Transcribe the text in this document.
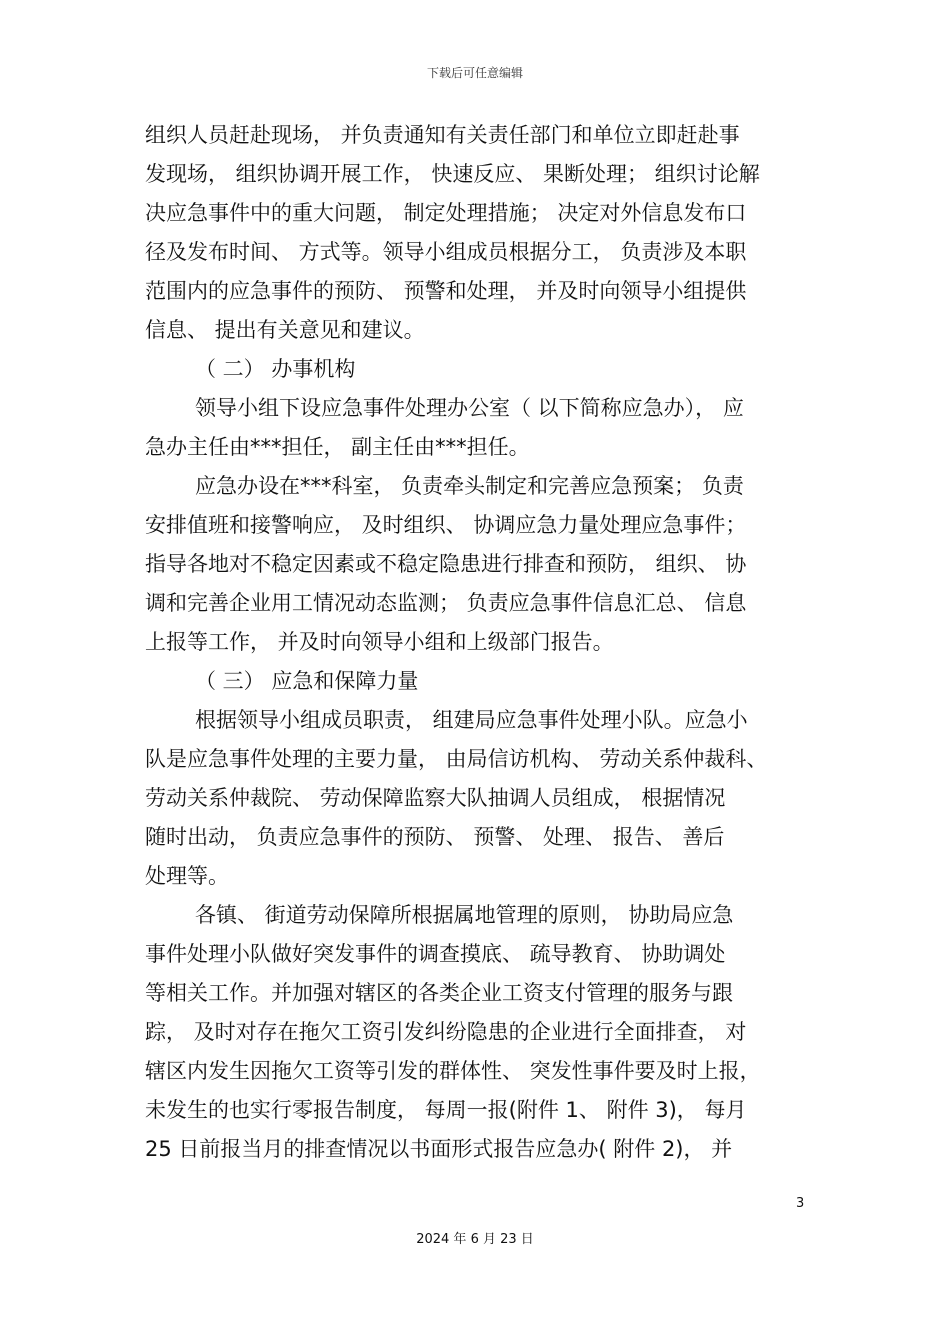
下载后可任意编辑
组织人员赶赴现场， 并负责通知有关责任部门和单位立即赶赴事
发现场， 组织协调开展工作， 快速反应、 果断处理； 组织讨论解
决应急事件中的重大问题， 制定处理措施； 决定对外信息发布口
径及发布时间、 方式等。领导小组成员根据分工， 负责涉及本职
范围内的应急事件的预防、 预警和处理， 并及时向领导小组提供
信息、 提出有关意见和建议。
（ 二） 办事机构
领导小组下设应急事件处理办公室（ 以下简称应急办）， 应
急办主任由***担任， 副主任由***担任。
应急办设在***科室， 负责牵头制定和完善应急预案； 负责
安排值班和接警响应， 及时组织、 协调应急力量处理应急事件；
指导各地对不稳定因素或不稳定隐患进行排查和预防， 组织、 协
调和完善企业用工情况动态监测； 负责应急事件信息汇总、 信息
上报等工作， 并及时向领导小组和上级部门报告。
（ 三） 应急和保障力量
根据领导小组成员职责， 组建局应急事件处理小队。应急小
队是应急事件处理的主要力量， 由局信访机构、 劳动关系仲裁科、
劳动关系仲裁院、 劳动保障监察大队抽调人员组成， 根据情况
随时出动， 负责应急事件的预防、 预警、 处理、 报告、 善后
处理等。
各镇、 街道劳动保障所根据属地管理的原则， 协助局应急
事件处理小队做好突发事件的调查摸底、 疏导教育、 协助调处
等相关工作。并加强对辖区的各类企业工资支付管理的服务与跟
踪， 及时对存在拖欠工资引发纠纷隐患的企业进行全面排查， 对
辖区内发生因拖欠工资等引发的群体性、 突发性事件要及时上报，
未发生的也实行零报告制度， 每周一报(附件 1、 附件 3)， 每月
25 日前报当月的排查情况以书面形式报告应急办( 附件 2)， 并
3
2024 年 6 月 23 日
